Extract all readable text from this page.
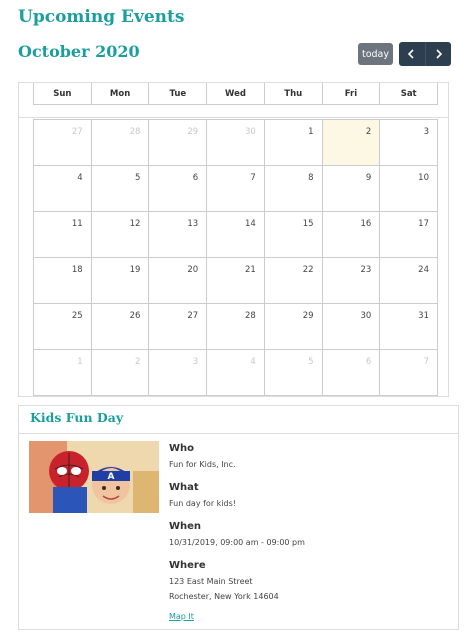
Upcoming Events
October 2020	today
Sun	Mon	Tue	Wed	Thu	Fri	Sat
27	28	29	30	1	2	3
4	5	6	7	8	9	10
11	12	13	14	15	16	17
18	19	20	21	22	23	24
25	26	27	28	29	30	31
1	2	3	4	5	6	7
Kids Fun Day
A
Who
Fun for Kids, Inc.
What
Fun day for kids!
When
10/31/2019, 09:00 am - 09:00 pm
Where
123 East Main Street
Rochester, New York 14604
Map It
